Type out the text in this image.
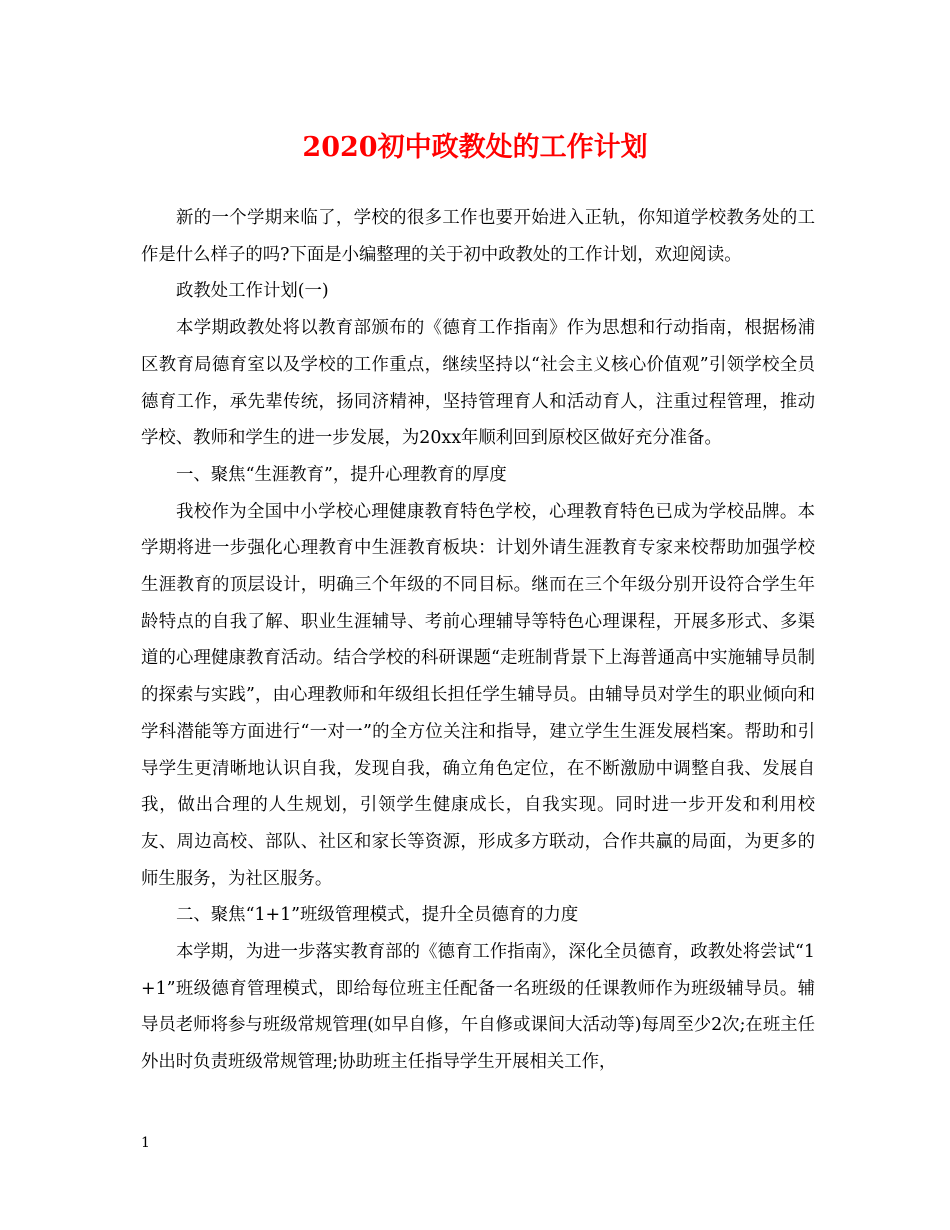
2020初中政教处的工作计划

新的一个学期来临了，学校的很多工作也要开始进入正轨，你知道学校教务处的工作是什么样子的吗?下面是小编整理的关于初中政教处的工作计划，欢迎阅读。

政教处工作计划(一)

本学期政教处将以教育部颁布的《德育工作指南》作为思想和行动指南，根据杨浦区教育局德育室以及学校的工作重点，继续坚持以“社会主义核心价值观”引领学校全员德育工作，承先辈传统，扬同济精神，坚持管理育人和活动育人，注重过程管理，推动学校、教师和学生的进一步发展，为20xx年顺利回到原校区做好充分准备。

一、聚焦“生涯教育”，提升心理教育的厚度

我校作为全国中小学校心理健康教育特色学校，心理教育特色已成为学校品牌。本学期将进一步强化心理教育中生涯教育板块：计划外请生涯教育专家来校帮助加强学校生涯教育的顶层设计，明确三个年级的不同目标。继而在三个年级分别开设符合学生年龄特点的自我了解、职业生涯辅导、考前心理辅导等特色心理课程，开展多形式、多渠道的心理健康教育活动。结合学校的科研课题“走班制背景下上海普通高中实施辅导员制的探索与实践”，由心理教师和年级组长担任学生辅导员。由辅导员对学生的职业倾向和学科潜能等方面进行“一对一”的全方位关注和指导，建立学生生涯发展档案。帮助和引导学生更清晰地认识自我，发现自我，确立角色定位，在不断激励中调整自我、发展自我，做出合理的人生规划，引领学生健康成长，自我实现。同时进一步开发和利用校友、周边高校、部队、社区和家长等资源，形成多方联动，合作共赢的局面，为更多的师生服务，为社区服务。

二、聚焦“1+1”班级管理模式，提升全员德育的力度

本学期，为进一步落实教育部的《德育工作指南》，深化全员德育，政教处将尝试“1+1”班级德育管理模式，即给每位班主任配备一名班级的任课教师作为班级辅导员。辅导员老师将参与班级常规管理(如早自修，午自修或课间大活动等)每周至少2次;在班主任外出时负责班级常规管理;协助班主任指导学生开展相关工作，

1
